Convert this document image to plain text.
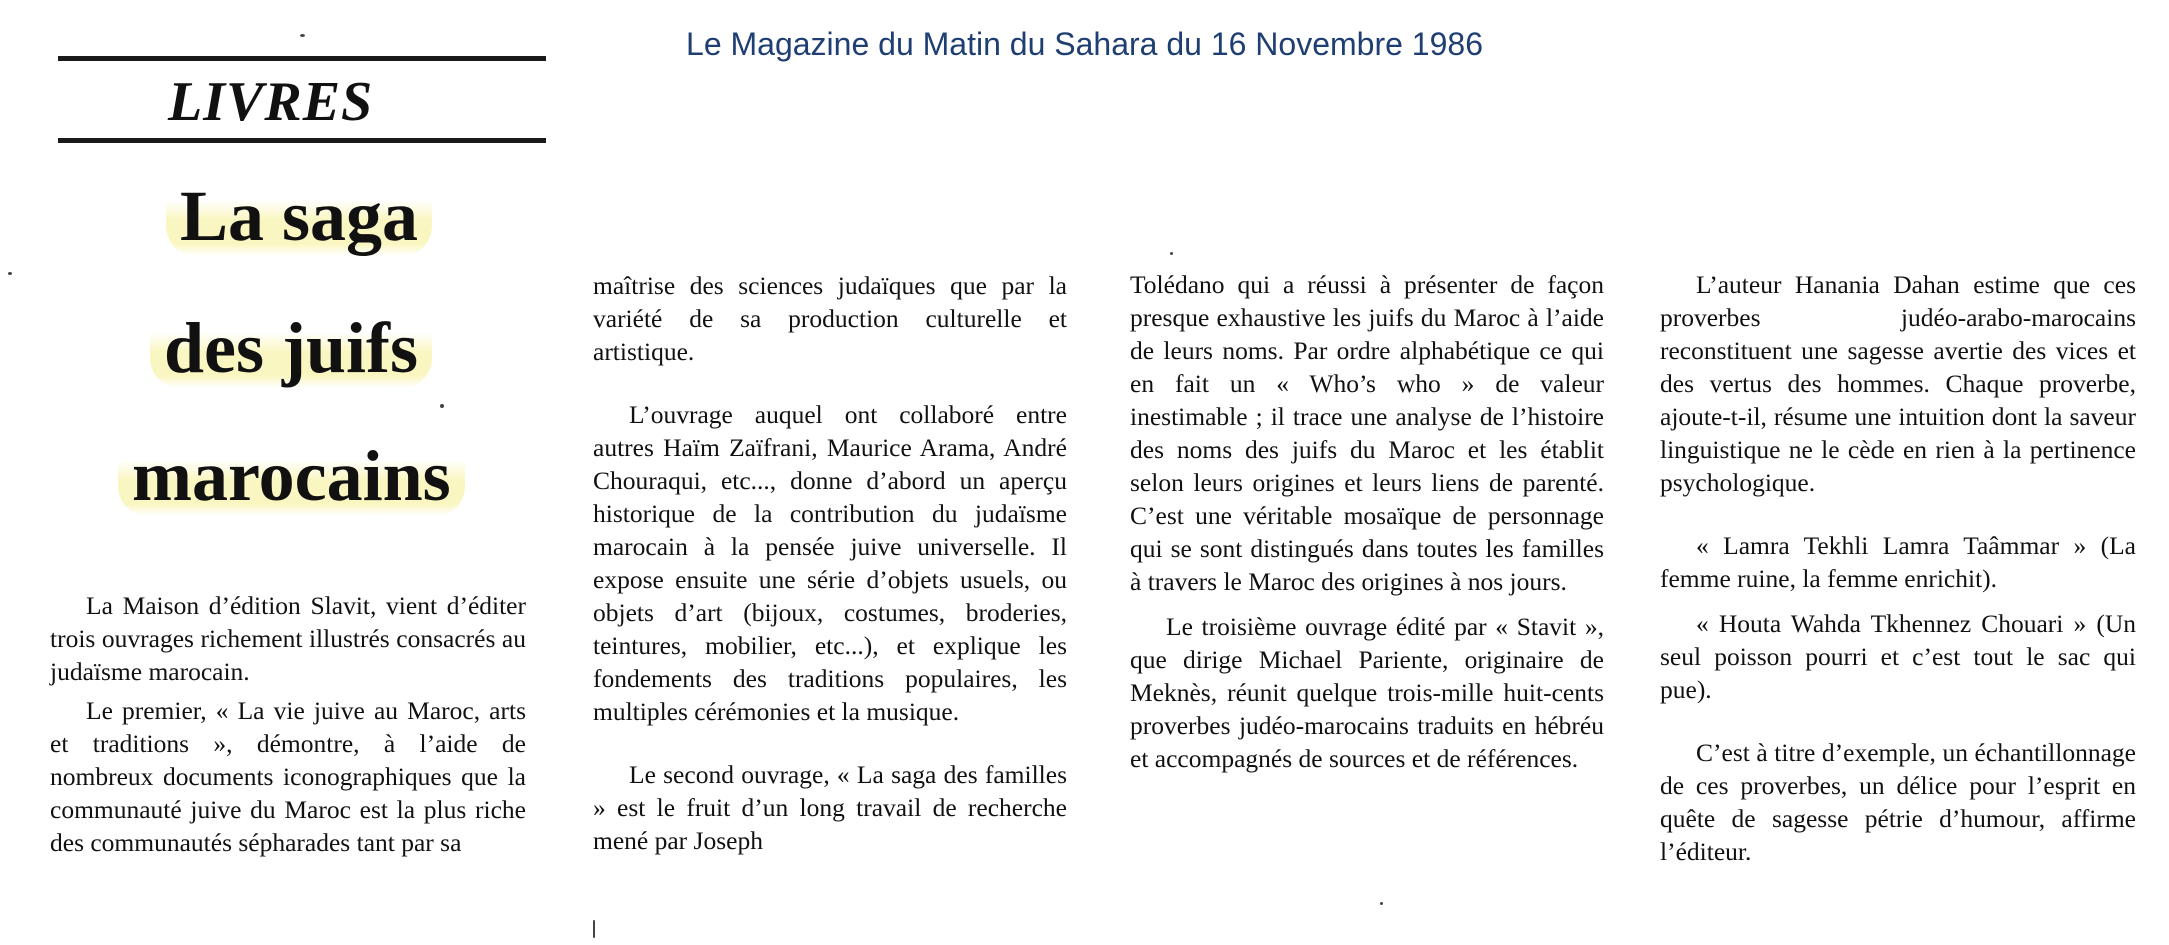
Le Magazine du Matin du Sahara du 16 Novembre 1986
LIVRES
La saga
des juifs
marocains

La Maison d’édition Slavit, vient d’éditer trois ouvrages richement illustrés consacrés au judaïsme marocain.

Le premier, « La vie juive au Maroc, arts et traditions », démontre, à l’aide de nombreux documents iconographiques que la communauté juive du Maroc est la plus riche des communautés sépharades tant par sa

maîtrise des sciences judaïques que par la variété de sa production culturelle et artistique.

L’ouvrage auquel ont collaboré entre autres Haïm Zaïfrani, Maurice Arama, André Chouraqui, etc..., donne d’abord un aperçu historique de la contribution du judaïsme marocain à la pensée juive universelle. Il expose ensuite une série d’objets usuels, ou objets d’art (bijoux, costumes, broderies, teintures, mobilier, etc...), et explique les fondements des traditions populaires, les multiples cérémonies et la musique.

Le second ouvrage, « La saga des familles » est le fruit d’un long travail de recherche mené par Joseph

Tolédano qui a réussi à présenter de façon presque exhaustive les juifs du Maroc à l’aide de leurs noms. Par ordre alphabétique ce qui en fait un « Who’s who » de valeur inestimable ; il trace une analyse de l’histoire des noms des juifs du Maroc et les établit selon leurs origines et leurs liens de parenté. C’est une véritable mosaïque de personnage qui se sont distingués dans toutes les familles à travers le Maroc des origines à nos jours.

Le troisième ouvrage édité par « Stavit », que dirige Michael Pariente, originaire de Meknès, réunit quelque trois-mille huit-cents proverbes judéo-marocains traduits en hébréu et accompagnés de sources et de références.

L’auteur Hanania Dahan estime que ces proverbes judéo-arabo-marocains reconstituent une sagesse avertie des vices et des vertus des hommes. Chaque proverbe, ajoute-t-il, résume une intuition dont la saveur linguistique ne le cède en rien à la pertinence psychologique.

« Lamra Tekhli Lamra Taâmmar » (La femme ruine, la femme enrichit).

« Houta Wahda Tkhennez Chouari » (Un seul poisson pourri et c’est tout le sac qui pue).

C’est à titre d’exemple, un échantillonnage de ces proverbes, un délice pour l’esprit en quête de sagesse pétrie d’humour, affirme l’éditeur.
